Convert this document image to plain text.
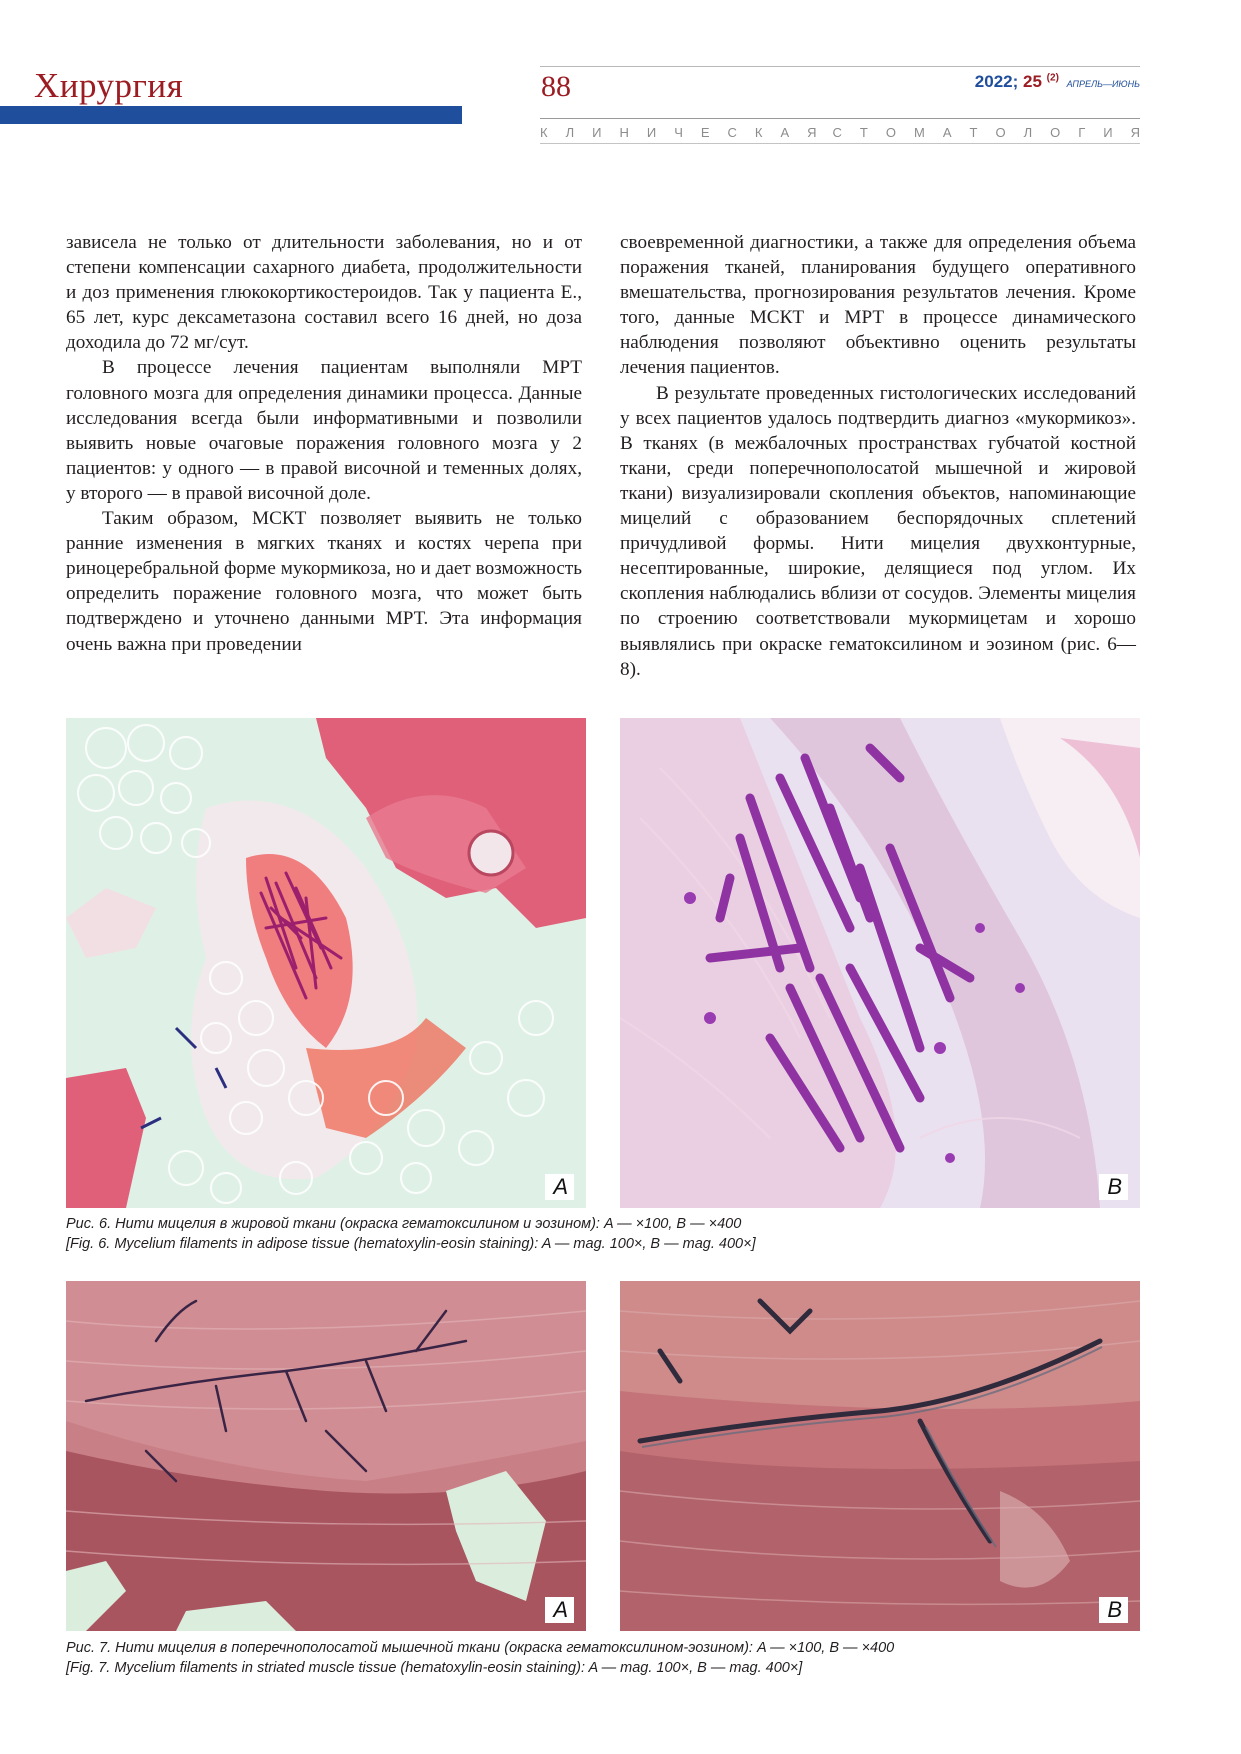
Хирургия	88	2022; 25 $^{(2)}$ АПРЕЛЬ—ИЮНЬ
К Л И Н И Ч Е С К А Я С Т О М А Т О Л О Г И Я

зависела не только от длительности заболевания, но и от степени компенсации сахарного диабета, продолжительности и доз применения глюкокортикостероидов. Так у пациента Е., 65 лет, курс дексаметазона составил всего 16 дней, но доза доходила до 72 мг/сут.

В процессе лечения пациентам выполняли МРТ головного мозга для определения динамики процесса. Данные исследования всегда были информативными и позволили выявить новые очаговые поражения головного мозга у 2 пациентов: у одного — в правой височной и теменных долях, у второго — в правой височной доле.

Таким образом, МСКТ позволяет выявить не только ранние изменения в мягких тканях и костях черепа при риноцеребральной форме мукормикоза, но и дает возможность определить поражение головного мозга, что может быть подтверждено и уточнено данными МРТ. Эта информация очень важна при проведении

своевременной диагностики, а также для определения объема поражения тканей, планирования будущего оперативного вмешательства, прогнозирования результатов лечения. Кроме того, данные МСКТ и МРТ в процессе динамического наблюдения позволяют объективно оценить результаты лечения пациентов.

В результате проведенных гистологических исследований у всех пациентов удалось подтвердить диагноз «мукормикоз». В тканях (в межбалочных пространствах губчатой костной ткани, среди поперечнополосатой мышечной и жировой ткани) визуализировали скопления объектов, напоминающие мицелий с образованием беспорядочных сплетений причудливой формы. Нити мицелия двухконтурные, несептированные, широкие, делящиеся под углом. Их скопления наблюдались вблизи от сосудов. Элементы мицелия по строению соответствовали мукормицетам и хорошо выявлялись при окраске гематоксилином и эозином (рис. 6—8).

A	B
Рис. 6. Нити мицелия в жировой ткани (окраска гематоксилином и эозином): A — ×100, B — ×400
[Fig. 6. Mycelium filaments in adipose tissue (hematoxylin-eosin staining): A — mag. 100×, B — mag. 400×]
A	B
Рис. 7. Нити мицелия в поперечнополосатой мышечной ткани (окраска гематоксилином-эозином): A — ×100, B — ×400
[Fig. 7. Mycelium filaments in striated muscle tissue (hematoxylin-eosin staining): A — mag. 100×, B — mag. 400×]
